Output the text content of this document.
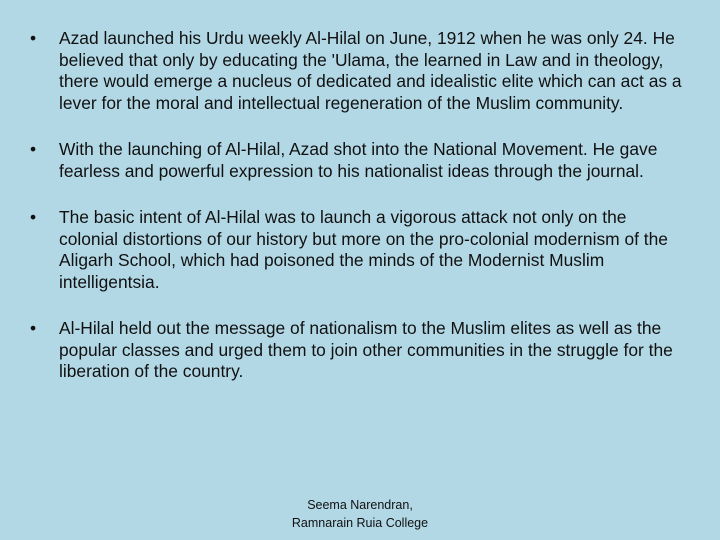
•	Azad launched his Urdu weekly Al-Hilal on June, 1912 when he was only 24. He believed that only by educating the 'Ulama, the learned in Law and in theology, there would emerge a nucleus of dedicated and idealistic elite which can act as a lever for the moral and intellectual regeneration of the Muslim community.
•	With the launching of Al-Hilal, Azad shot into the National Movement. He gave fearless and powerful expression to his nationalist ideas through the journal.
•	The basic intent of Al-Hilal was to launch a vigorous attack not only on the colonial distortions of our history but more on the pro-colonial modernism of the Aligarh School, which had poisoned the minds of the Modernist Muslim intelligentsia.
•	Al-Hilal held out the message of nationalism to the Muslim elites as well as the popular classes and urged them to join other communities in the struggle for the liberation of the country.
Seema Narendran,
Ramnarain Ruia College
